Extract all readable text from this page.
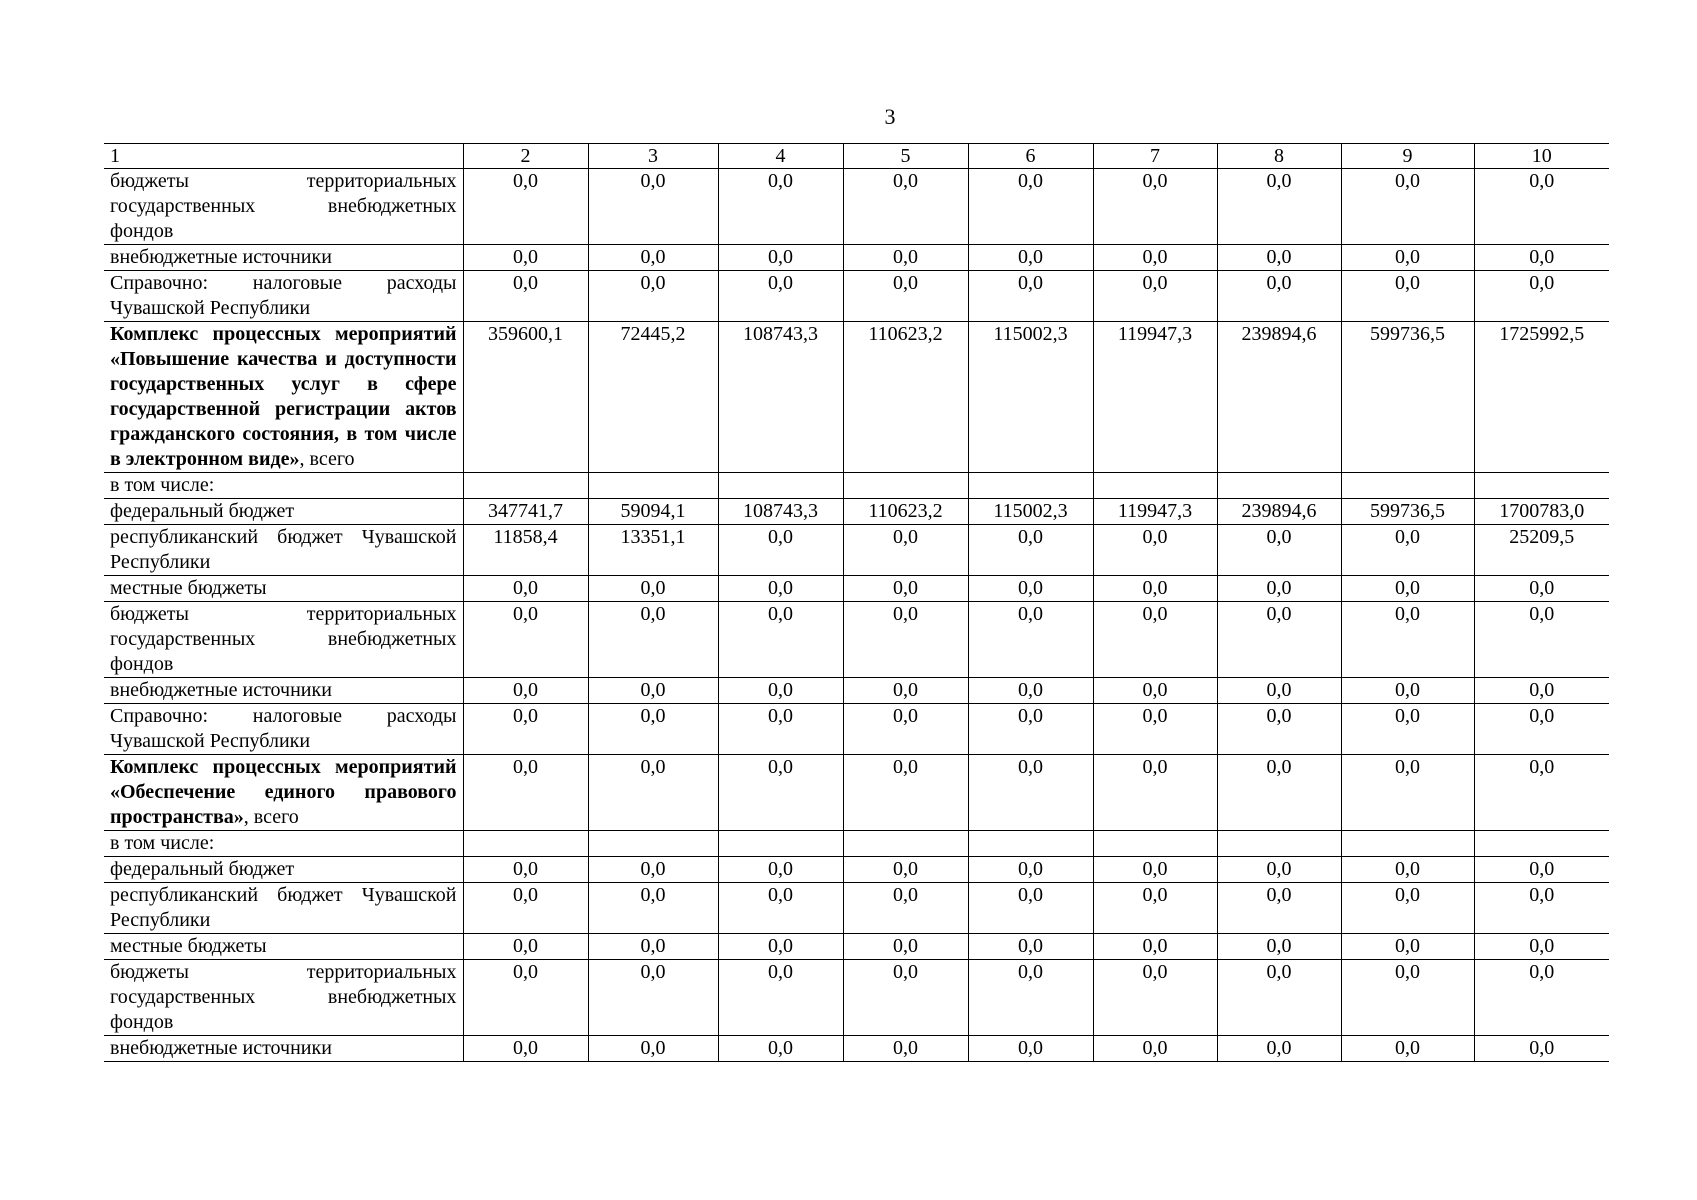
3
1	2	3	4	5	6	7	8	9	10
бюджеты территориальных государственных внебюджетных фондов	0,0	0,0	0,0	0,0	0,0	0,0	0,0	0,0	0,0
внебюджетные источники	0,0	0,0	0,0	0,0	0,0	0,0	0,0	0,0	0,0
Справочно: налоговые расходы Чувашской Республики	0,0	0,0	0,0	0,0	0,0	0,0	0,0	0,0	0,0
Комплекс процессных мероприятий «Повышение качества и доступности государственных услуг в сфере государственной регистрации актов гражданского состояния, в том числе в электронном виде», всего	359600,1	72445,2	108743,3	110623,2	115002,3	119947,3	239894,6	599736,5	1725992,5
в том числе:									
федеральный бюджет	347741,7	59094,1	108743,3	110623,2	115002,3	119947,3	239894,6	599736,5	1700783,0
республиканский бюджет Чувашской Республики	11858,4	13351,1	0,0	0,0	0,0	0,0	0,0	0,0	25209,5
местные бюджеты	0,0	0,0	0,0	0,0	0,0	0,0	0,0	0,0	0,0
бюджеты территориальных государственных внебюджетных фондов	0,0	0,0	0,0	0,0	0,0	0,0	0,0	0,0	0,0
внебюджетные источники	0,0	0,0	0,0	0,0	0,0	0,0	0,0	0,0	0,0
Справочно: налоговые расходы Чувашской Республики	0,0	0,0	0,0	0,0	0,0	0,0	0,0	0,0	0,0
Комплекс процессных мероприятий «Обеспечение единого правового пространства», всего	0,0	0,0	0,0	0,0	0,0	0,0	0,0	0,0	0,0
в том числе:									
федеральный бюджет	0,0	0,0	0,0	0,0	0,0	0,0	0,0	0,0	0,0
республиканский бюджет Чувашской Республики	0,0	0,0	0,0	0,0	0,0	0,0	0,0	0,0	0,0
местные бюджеты	0,0	0,0	0,0	0,0	0,0	0,0	0,0	0,0	0,0
бюджеты территориальных государственных внебюджетных фондов	0,0	0,0	0,0	0,0	0,0	0,0	0,0	0,0	0,0
внебюджетные источники	0,0	0,0	0,0	0,0	0,0	0,0	0,0	0,0	0,0
